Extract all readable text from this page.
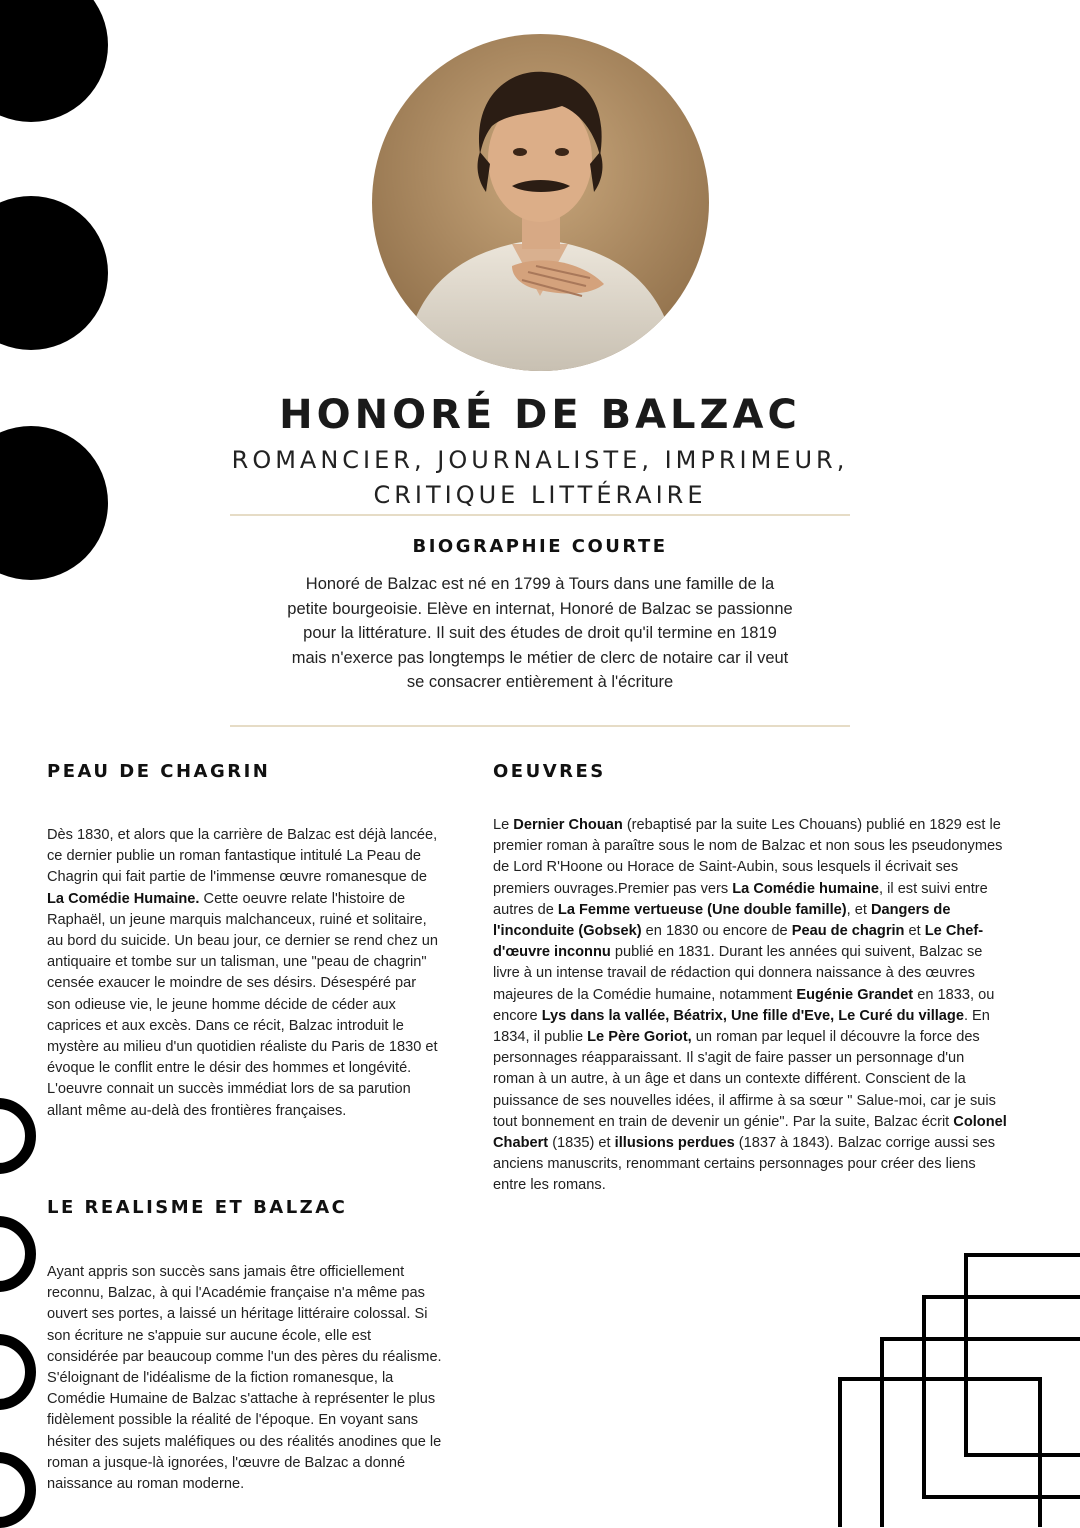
HONORÉ DE BALZAC
ROMANCIER, JOURNALISTE, IMPRIMEUR,
CRITIQUE LITTÉRAIRE
BIOGRAPHIE COURTE
Honoré de Balzac est né en 1799 à Tours dans une famille de la petite bourgeoisie. Elève en internat, Honoré de Balzac se passionne pour la littérature. Il suit des études de droit qu'il termine en 1819 mais n'exerce pas longtemps le métier de clerc de notaire car il veut se consacrer entièrement à l'écriture
PEAU DE CHAGRIN
Dès 1830, et alors que la carrière de Balzac est déjà lancée, ce dernier publie un roman fantastique intitulé La Peau de Chagrin qui fait partie de l'immense œuvre romanesque de La Comédie Humaine. Cette oeuvre relate l'histoire de Raphaël, un jeune marquis malchanceux, ruiné et solitaire, au bord du suicide. Un beau jour, ce dernier se rend chez un antiquaire et tombe sur un talisman, une "peau de chagrin" censée exaucer le moindre de ses désirs. Désespéré par son odieuse vie, le jeune homme décide de céder aux caprices et aux excès. Dans ce récit, Balzac introduit le mystère au milieu d'un quotidien réaliste du Paris de 1830 et évoque le conflit entre le désir des hommes et longévité. L'oeuvre connait un succès immédiat lors de sa parution allant même au-delà des frontières françaises.
LE REALISME ET BALZAC
Ayant appris son succès sans jamais être officiellement reconnu, Balzac, à qui l'Académie française n'a même pas ouvert ses portes, a laissé un héritage littéraire colossal. Si son écriture ne s'appuie sur aucune école, elle est considérée par beaucoup comme l'un des pères du réalisme. S'éloignant de l'idéalisme de la fiction romanesque, la Comédie Humaine de Balzac s'attache à représenter le plus fidèlement possible la réalité de l'époque. En voyant sans hésiter des sujets maléfiques ou des réalités anodines que le roman a jusque-là ignorées, l'œuvre de Balzac a donné naissance au roman moderne.
OEUVRES
Le Dernier Chouan (rebaptisé par la suite Les Chouans) publié en 1829 est le premier roman à paraître sous le nom de Balzac et non sous les pseudonymes de Lord R'Hoone ou Horace de Saint-Aubin, sous lesquels il écrivait ses premiers ouvrages.Premier pas vers La Comédie humaine, il est suivi entre autres de La Femme vertueuse (Une double famille), et Dangers de l'inconduite (Gobsek) en 1830 ou encore de Peau de chagrin et Le Chef-d'œuvre inconnu publié en 1831. Durant les années qui suivent, Balzac se livre à un intense travail de rédaction qui donnera naissance à des œuvres majeures de la Comédie humaine, notamment Eugénie Grandet en 1833, ou encore Lys dans la vallée, Béatrix, Une fille d'Eve, Le Curé du village. En 1834, il publie Le Père Goriot, un roman par lequel il découvre la force des personnages réapparaissant. Il s'agit de faire passer un personnage d'un roman à un autre, à un âge et dans un contexte différent. Conscient de la puissance de ses nouvelles idées, il affirme à sa sœur " Salue-moi, car je suis tout bonnement en train de devenir un génie". Par la suite, Balzac écrit Colonel Chabert (1835) et illusions perdues (1837 à 1843). Balzac corrige aussi ses anciens manuscrits, renommant certains personnages pour créer des liens entre les romans.
